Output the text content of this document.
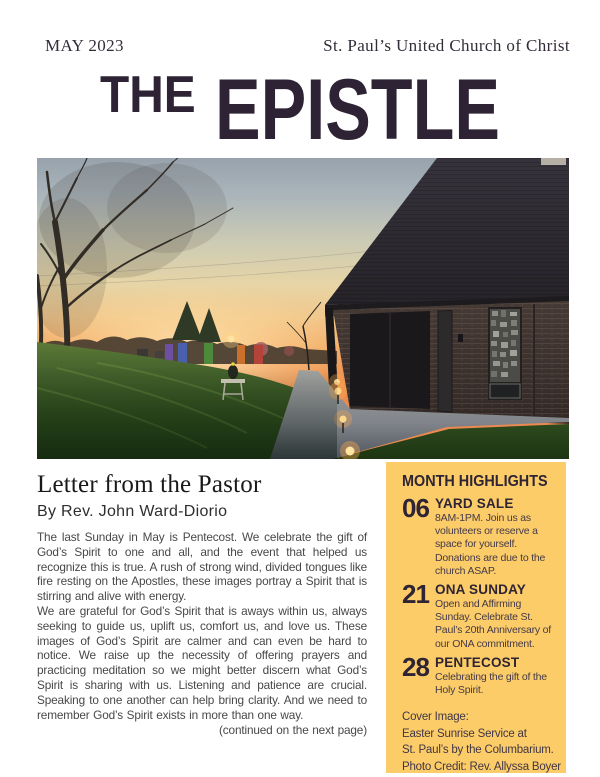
MAY 2023	St. Paul’s United Church of Christ
THE EPISTLE
Letter from the Pastor
By Rev. John Ward-Diorio

The last Sunday in May is Pentecost. We celebrate the gift of God’s Spirit to one and all, and the event that helped us recognize this is true. A rush of strong wind, divided tongues like fire resting on the Apostles, these images portray a Spirit that is stirring and alive with energy.

We are grateful for God’s Spirit that is aways within us, always seeking to guide us, uplift us, comfort us, and love us. These images of God’s Spirit are calmer and can even be hard to notice. We raise up the necessity of offering prayers and practicing meditation so we might better discern what God’s Spirit is sharing with us. Listening and patience are crucial. Speaking to one another can help bring clarity. And we need to remember God’s Spirit exists in more than one way.

(continued on the next page)

MONTH HIGHLIGHTS
06 YARD SALE
8AM-1PM. Join us as volunteers or reserve a space for yourself. Donations are due to the church ASAP.
21 ONA SUNDAY
Open and Affirming Sunday. Celebrate St. Paul’s 20th Anniversary of our ONA commitment.
28 PENTECOST
Celebrating the gift of the Holy Spirit.
Cover Image:
Easter Sunrise Service at
St. Paul’s by the Columbarium.
Photo Credit: Rev. Allyssa Boyer
